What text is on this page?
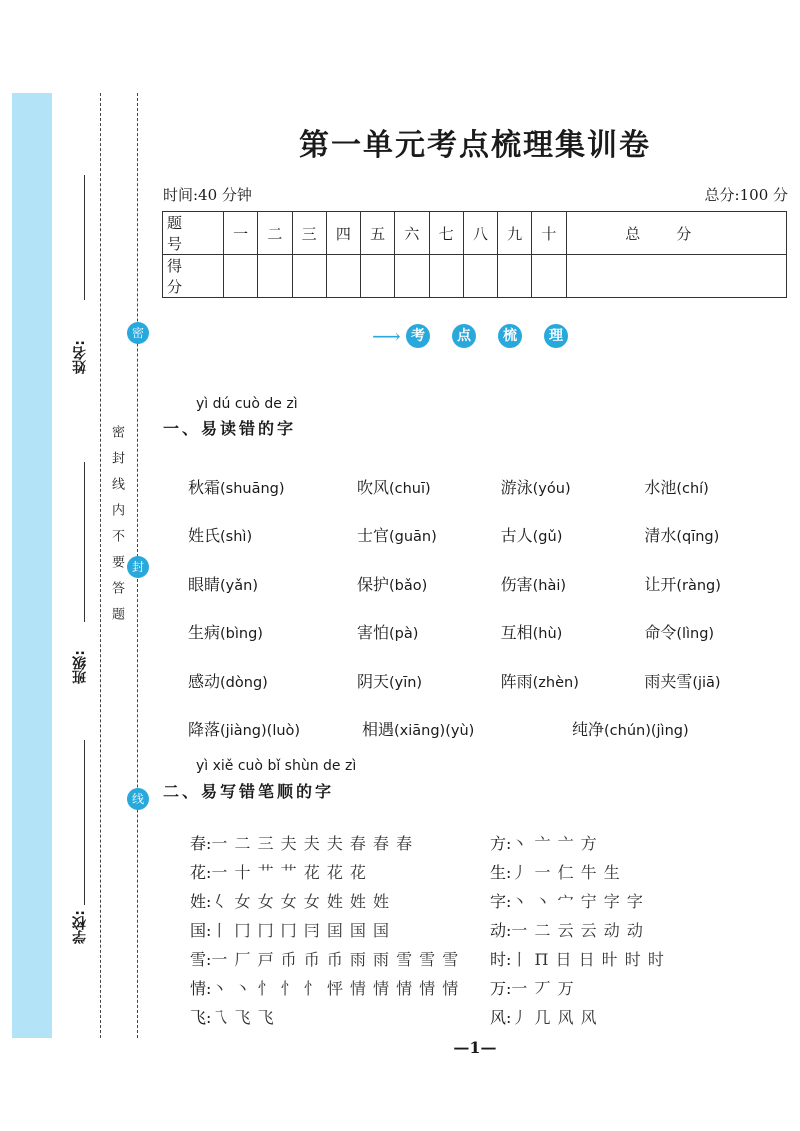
姓名:
班级:
学校:
密
封
线
密封线内不要答题
第一单元考点梳理集训卷
时间:40 分钟	总分:100 分
题号	一	二	三	四	五	六	七	八	九	十	总分
得分											
⟶ 考	点	梳	理
yì dú cuò de zì
一、易读错的字
秋霜(shuāng)	吹风(chuī)	游泳(yóu)	水池(chí)
姓氏(shì)	士官(guān)	古人(gǔ)	清水(qīng)
眼睛(yǎn)	保护(bǎo)	伤害(hài)	让开(ràng)
生病(bìng)	害怕(pà)	互相(hù)	命令(lìng)
感动(dòng)	阴天(yīn)	阵雨(zhèn)	雨夹雪(jiā)
降落(jiàng)(luò)	相遇(xiāng)(yù)	纯净(chún)(jìng)
yì xiě cuò bǐ shùn de zì
二、易写错笔顺的字
春:一 二 三 夫 夫 夫 春 春 春	方:丶 亠 亠 方
花:一 十 艹 艹 花 花 花	生:丿 一 仁 牛 生
姓:𡿨 女 女 女 女 姓 姓 姓	字:丶 丶 宀 宁 字 字
国:丨 冂 冂 冂 冃 囯 国 国	动:一 二 云 云 动 动
雪:一 厂 戸 币 币 币 雨 雨 雪 雪 雪	时:丨 Π 日 日 旪 时 时
情:丶 丶 忄 忄 忄 怦 情 情 情 情 情	万:一 丆 万
飞:乁 飞 飞	风:丿 几 风 风
—1—
